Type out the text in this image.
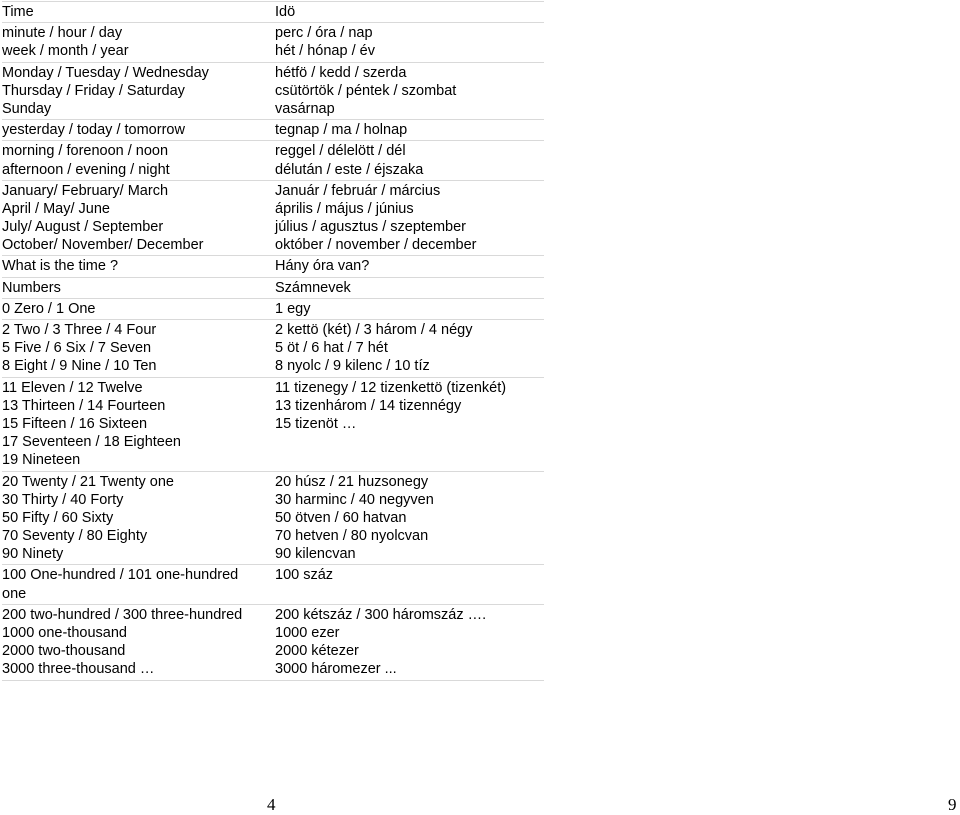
Time	Idö
minute / hour / day	perc / óra / nap
week / month / year	hét / hónap / év
Monday / Tuesday / Wednesday	hétfö / kedd / szerda
Thursday / Friday / Saturday	csütörtök / péntek / szombat
Sunday	vasárnap
yesterday / today / tomorrow	tegnap / ma / holnap
morning / forenoon / noon	reggel / délelött / dél
afternoon / evening / night	délután / este / éjszaka
January/ February/ March	Január / február / március
April / May/ June	április / május / június
July/ August / September	július / agusztus / szeptember
October/ November/ December	október / november / december
What is the time ?	Hány óra van?
Numbers	Számnevek
0 Zero / 1 One	1 egy
2 Two / 3 Three / 4 Four	2 kettö (két) / 3 három / 4 négy
5 Five / 6 Six / 7 Seven	5 öt / 6 hat / 7 hét
8 Eight / 9 Nine / 10 Ten	8 nyolc / 9 kilenc / 10 tíz
11 Eleven / 12 Twelve	11 tizenegy / 12 tizenkettö (tizenkét)
13 Thirteen / 14 Fourteen	13 tizenhárom / 14 tizennégy
15 Fifteen / 16 Sixteen	15 tizenöt …
17 Seventeen / 18 Eighteen
19 Nineteen
20 Twenty / 21 Twenty one	20 húsz / 21 huzsonegy
30 Thirty / 40 Forty	30 harminc / 40 negyven
50 Fifty / 60 Sixty	50 ötven / 60 hatvan
70 Seventy / 80 Eighty	70 hetven / 80 nyolcvan
90 Ninety	90 kilencvan
100 One-hundred / 101 one-hundred	100 száz
one
200 two-hundred / 300 three-hundred	200 kétszáz / 300 háromszáz ….
1000 one-thousand	1000 ezer
2000 two-thousand	2000 kétezer
3000 three-thousand …	3000 háromezer ...
4	9
